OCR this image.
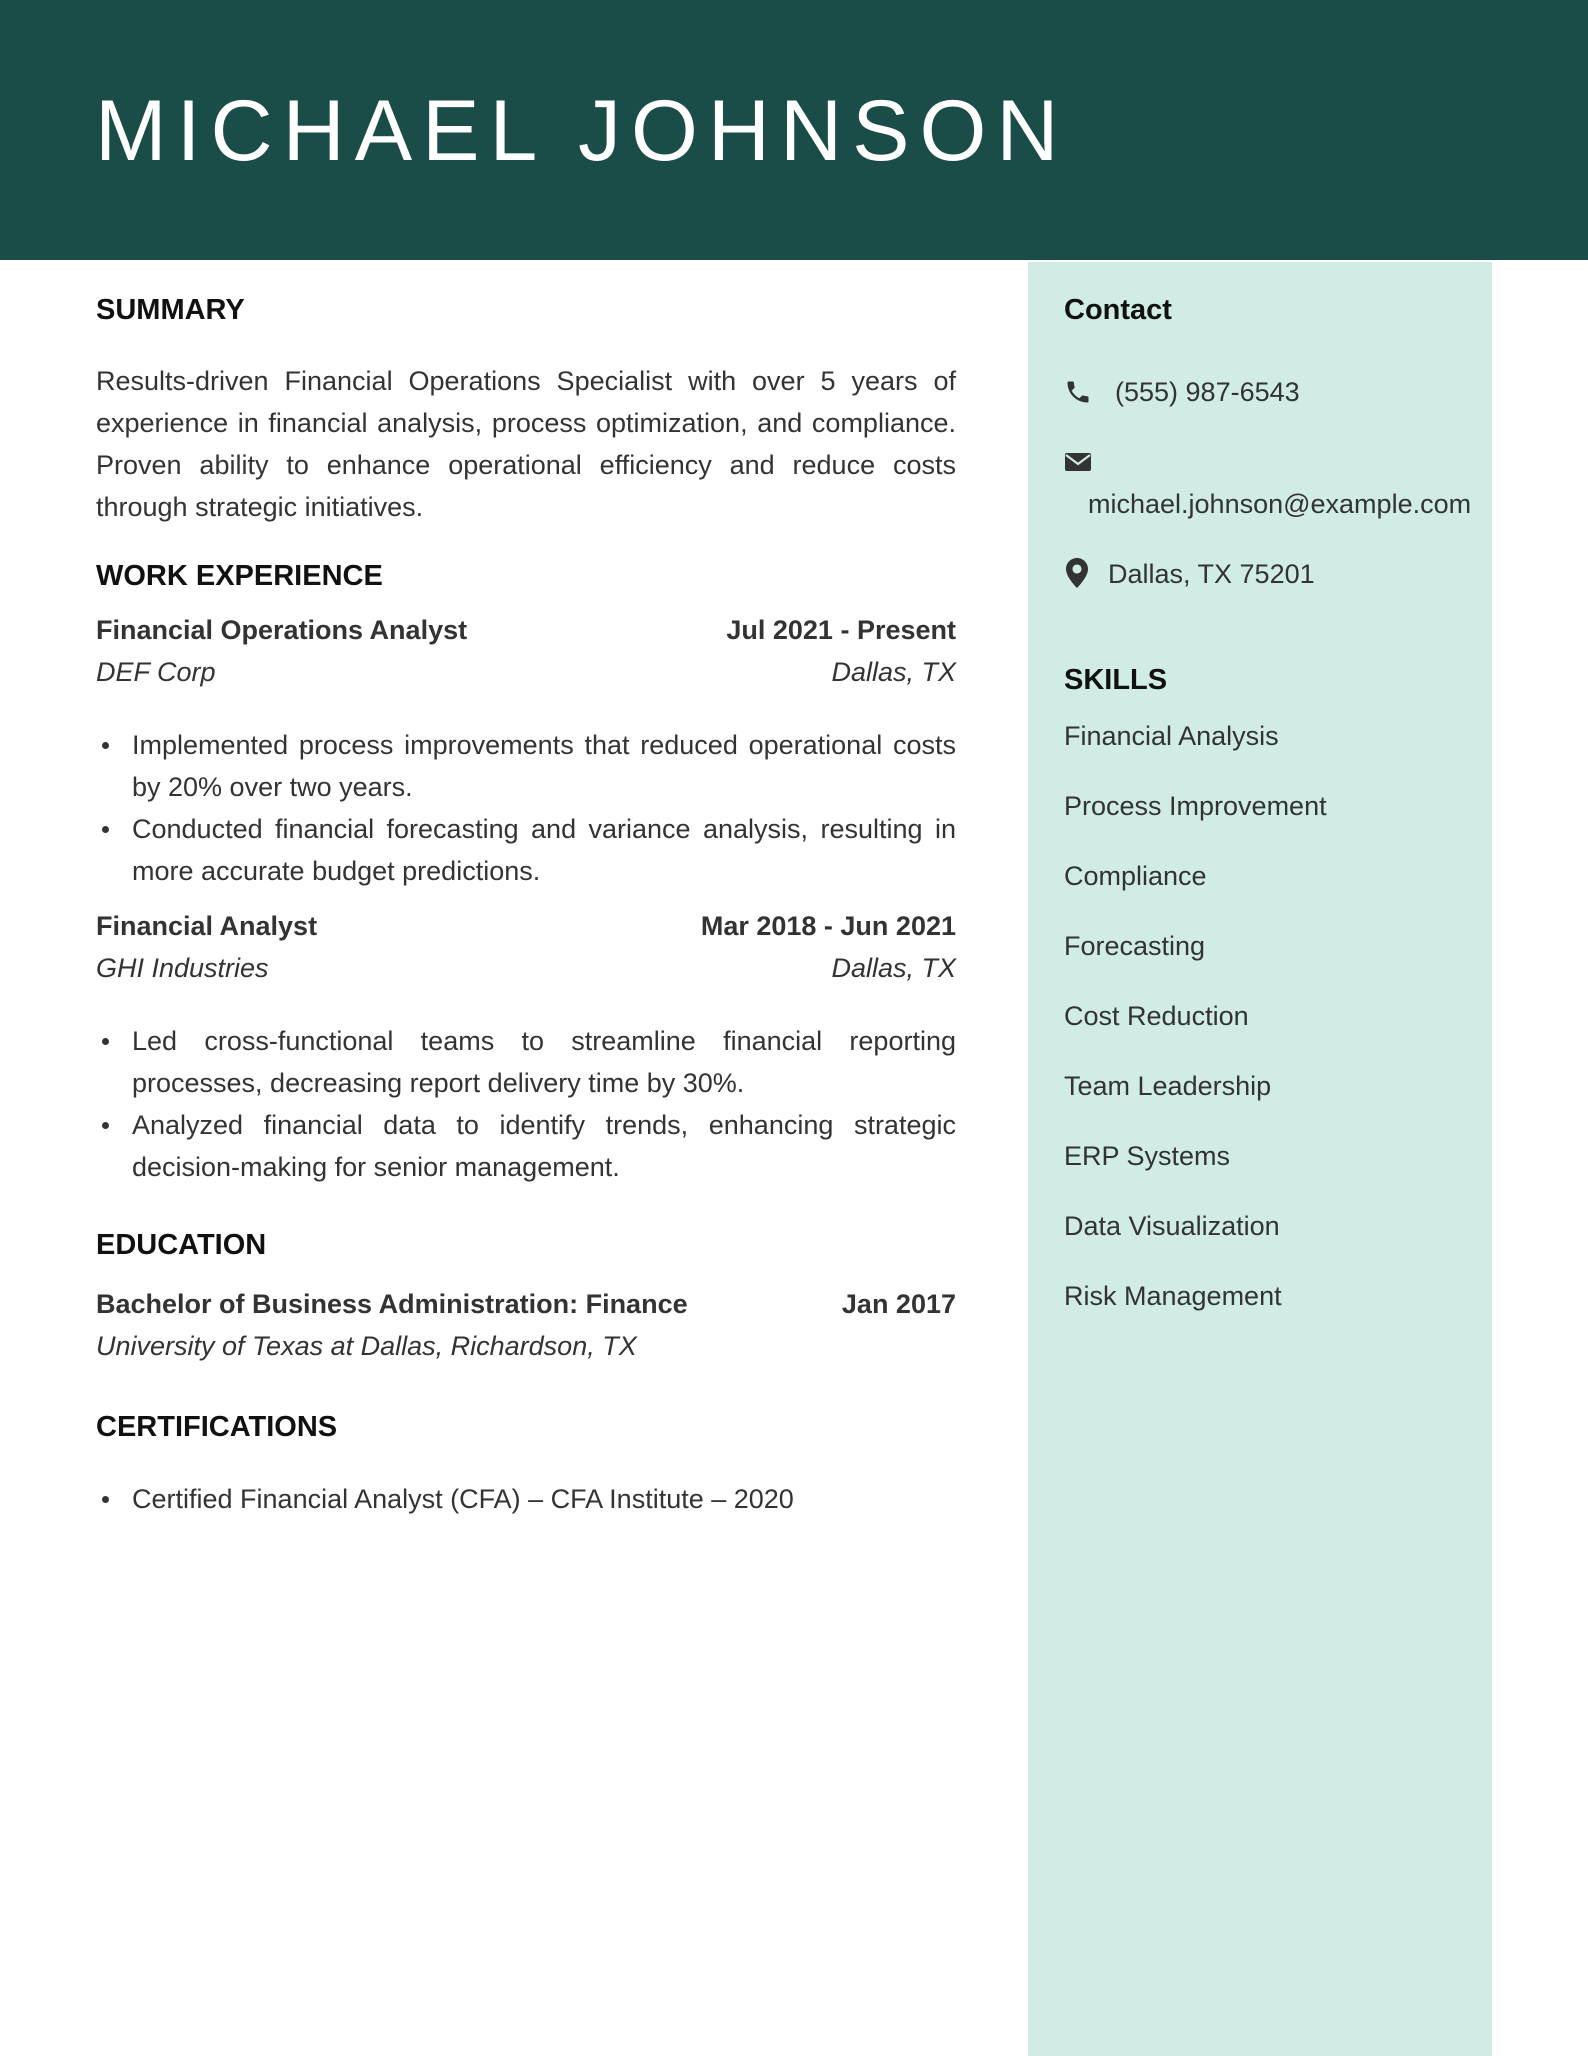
MICHAEL JOHNSON
Contact
(555) 987-6543
michael.johnson@example.com
Dallas, TX 75201
SKILLS
Financial Analysis
Process Improvement
Compliance
Forecasting
Cost Reduction
Team Leadership
ERP Systems
Data Visualization
Risk Management
SUMMARY

Results-driven Financial Operations Specialist with over 5 years of experience in financial analysis, process optimization, and compliance. Proven ability to enhance operational efficiency and reduce costs through strategic initiatives.

WORK EXPERIENCE
Financial Operations Analyst	Jul 2021 - Present
DEF Corp	Dallas, TX
Implemented process improvements that reduced operational costs by 20% over two years.
Conducted financial forecasting and variance analysis, resulting in more accurate budget predictions.
Financial Analyst	Mar 2018 - Jun 2021
GHI Industries	Dallas, TX
Led cross-functional teams to streamline financial reporting processes, decreasing report delivery time by 30%.
Analyzed financial data to identify trends, enhancing strategic decision-making for senior management.
EDUCATION
Bachelor of Business Administration: Finance	Jan 2017
University of Texas at Dallas, Richardson, TX
CERTIFICATIONS
Certified Financial Analyst (CFA) – CFA Institute – 2020
